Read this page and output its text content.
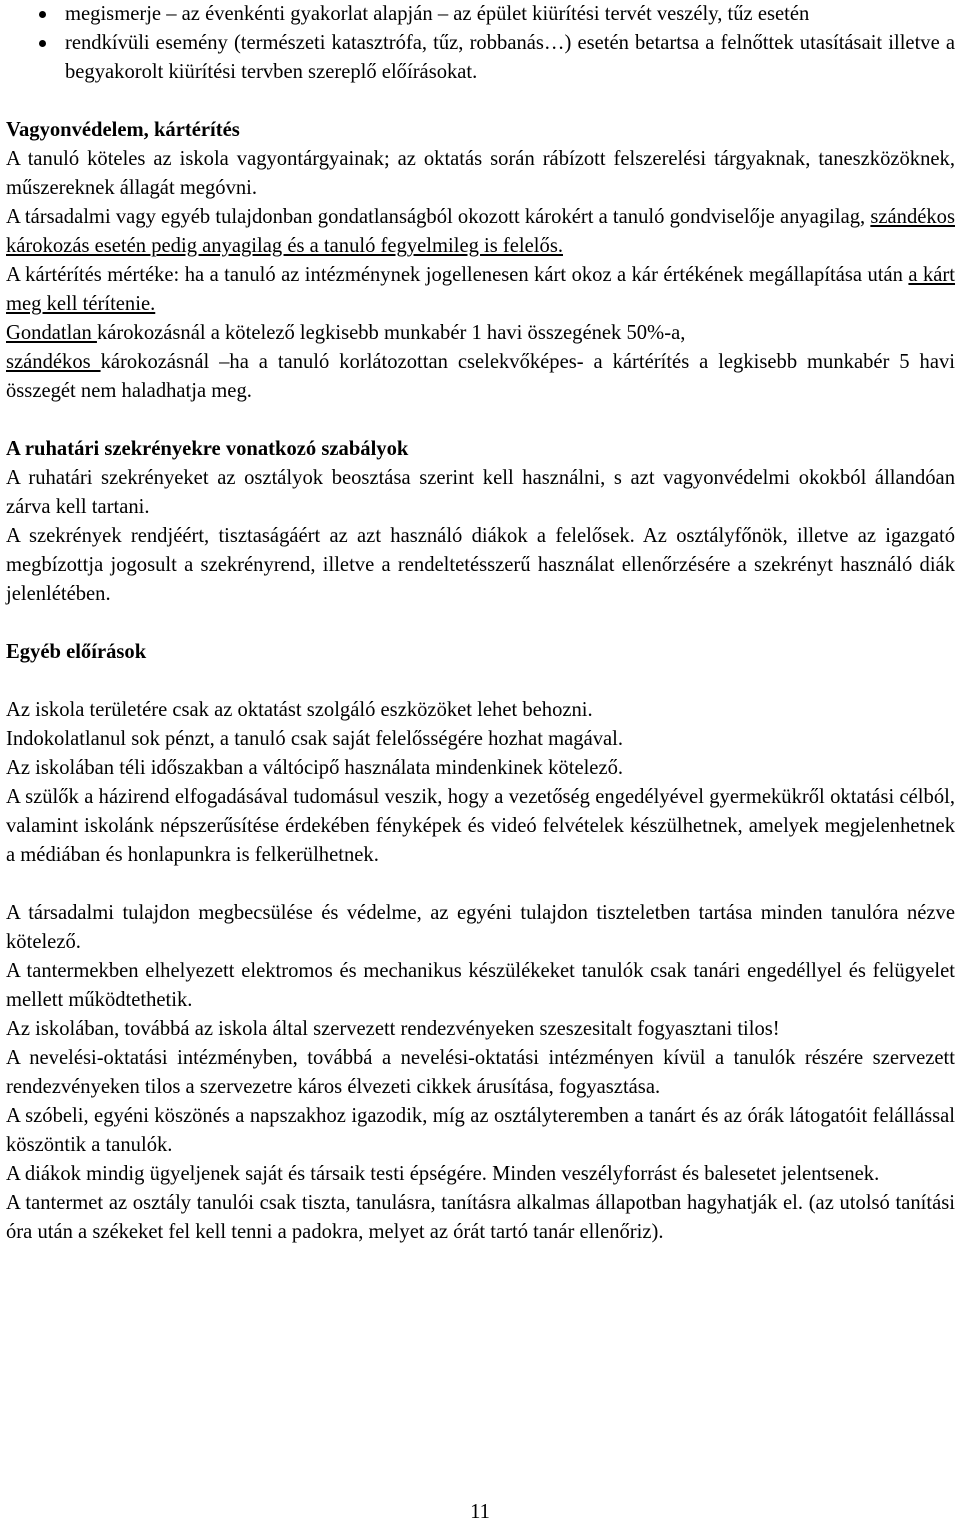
megismerje – az évenkénti gyakorlat alapján – az épület kiürítési tervét veszély, tűz esetén
rendkívüli esemény (természeti katasztrófa, tűz, robbanás…) esetén betartsa a felnőttek utasításait illetve a begyakorolt kiürítési tervben szereplő előírásokat.
Vagyonvédelem, kártérítés

A tanuló köteles az iskola vagyontárgyainak; az oktatás során rábízott felszerelési tárgyaknak, taneszközöknek, műszereknek állagát megóvni.

A társadalmi vagy egyéb tulajdonban gondatlanságból okozott károkért a tanuló gondviselője anyagilag, szándékos károkozás esetén pedig anyagilag és a tanuló fegyelmileg is felelős.

A kártérítés mértéke: ha a tanuló az intézménynek jogellenesen kárt okoz a kár értékének megállapítása után a kárt meg kell térítenie.

Gondatlan károkozásnál a kötelező legkisebb munkabér 1 havi összegének 50%-a,

szándékos károkozásnál –ha a tanuló korlátozottan cselekvőképes- a kártérítés a legkisebb munkabér 5 havi összegét nem haladhatja meg.

A ruhatári szekrényekre vonatkozó szabályok

A ruhatári szekrényeket az osztályok beosztása szerint kell használni, s azt vagyonvédelmi okokból állandóan zárva kell tartani.

A szekrények rendjéért, tisztaságáért az azt használó diákok a felelősek. Az osztályfőnök, illetve az igazgató megbízottja jogosult a szekrényrend, illetve a rendeltetésszerű használat ellenőrzésére a szekrényt használó diák jelenlétében.

Egyéb előírások

Az iskola területére csak az oktatást szolgáló eszközöket lehet behozni.

Indokolatlanul sok pénzt, a tanuló csak saját felelősségére hozhat magával.

Az iskolában téli időszakban a váltócipő használata mindenkinek kötelező.

A szülők a házirend elfogadásával tudomásul veszik, hogy a vezetőség engedélyével gyermekükről oktatási célból, valamint iskolánk népszerűsítése érdekében fényképek és videó felvételek készülhetnek, amelyek megjelenhetnek a médiában és honlapunkra is felkerülhetnek.

A társadalmi tulajdon megbecsülése és védelme, az egyéni tulajdon tiszteletben tartása minden tanulóra nézve kötelező.

A tantermekben elhelyezett elektromos és mechanikus készülékeket tanulók csak tanári engedéllyel és felügyelet mellett működtethetik.

Az iskolában, továbbá az iskola által szervezett rendezvényeken szeszesitalt fogyasztani tilos!

A nevelési-oktatási intézményben, továbbá a nevelési-oktatási intézményen kívül a tanulók részére szervezett rendezvényeken tilos a szervezetre káros élvezeti cikkek árusítása, fogyasztása.

A szóbeli, egyéni köszönés a napszakhoz igazodik, míg az osztályteremben a tanárt és az órák látogatóit felállással köszöntik a tanulók.

A diákok mindig ügyeljenek saját és társaik testi épségére. Minden veszélyforrást és balesetet jelentsenek.

A tantermet az osztály tanulói csak tiszta, tanulásra, tanításra alkalmas állapotban hagyhatják el. (az utolsó tanítási óra után a székeket fel kell tenni a padokra, melyet az órát tartó tanár ellenőriz).

11
